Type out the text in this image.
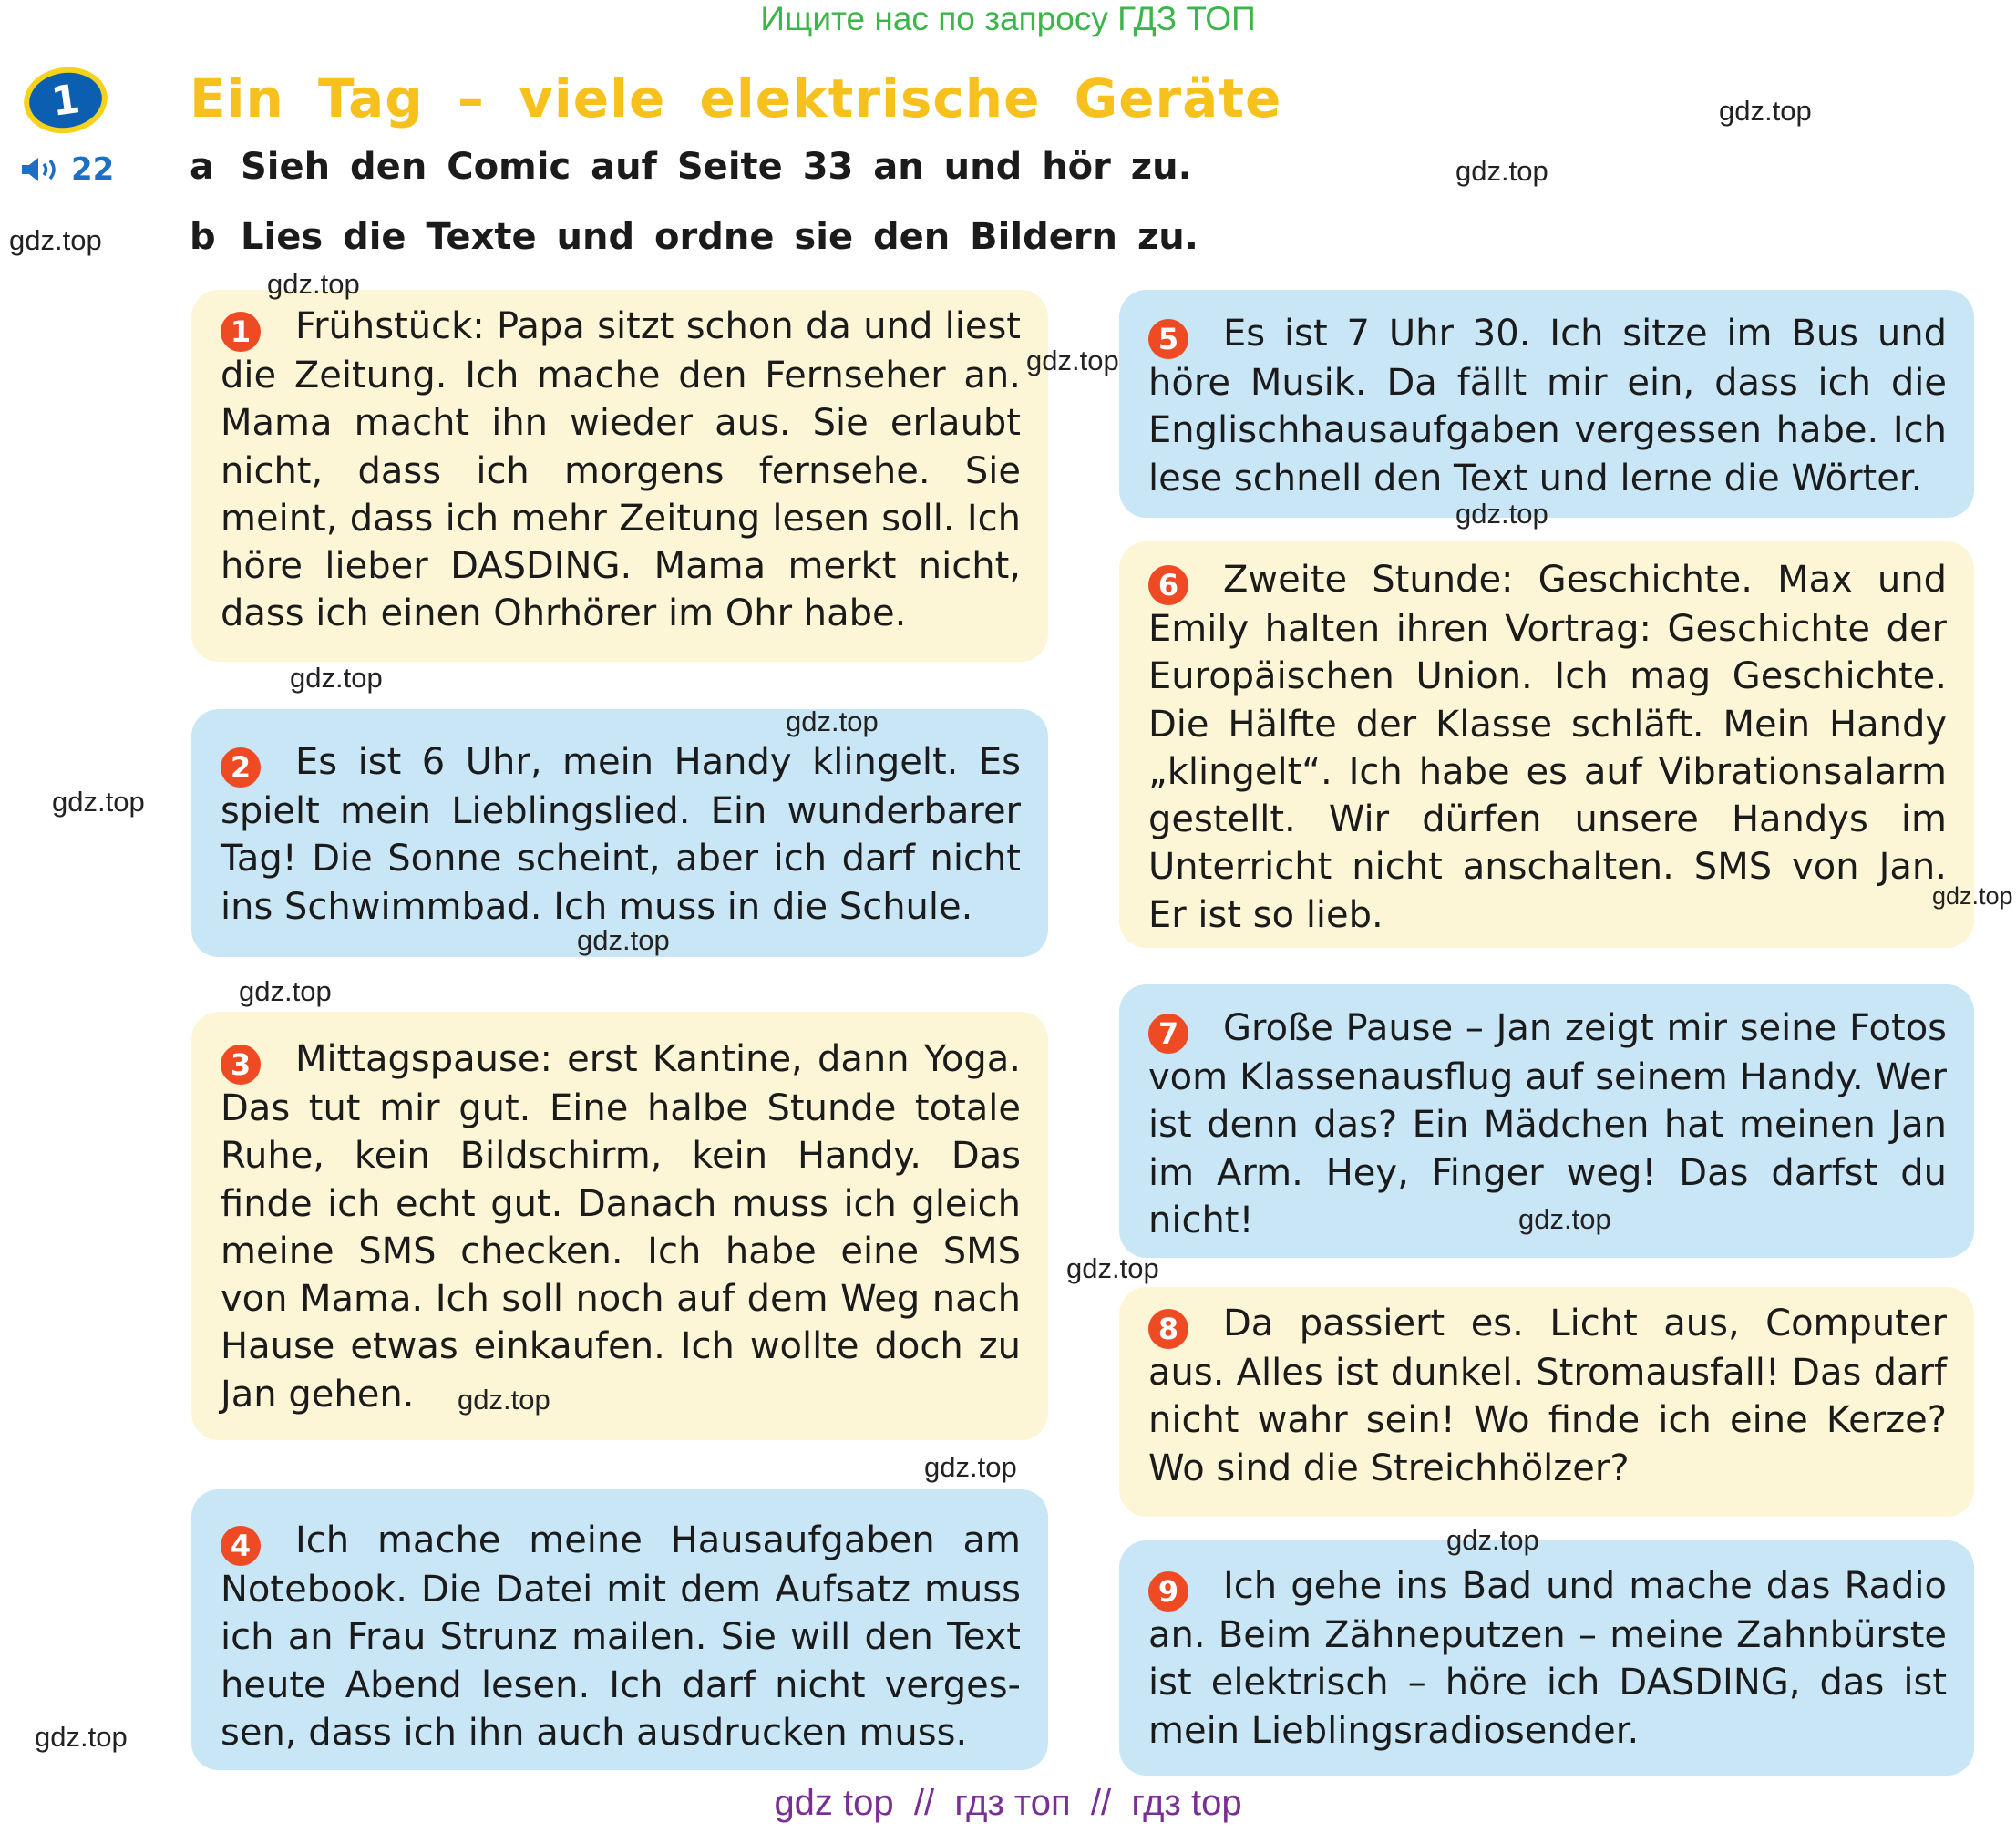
Ищите нас по запросу ГДЗ ТОП
1
22
Ein Tag – viele elektrische Geräte
a Sieh den Comic auf Seite 33 an und hör zu.
b Lies die Texte und ordne sie den Bildern zu.
1 Frühstück: Papa sitzt schon da und liest die Zeitung. Ich mache den Fernseher an. Mama macht ihn wieder aus. Sie erlaubt nicht, dass ich morgens fernsehe. Sie meint, dass ich mehr Zeitung lesen soll. Ich höre lieber DASDING. Mama merkt nicht, dass ich einen Ohrhörer im Ohr habe.
2 Es ist 6 Uhr, mein Handy klingelt. Es spielt mein Lieblingslied. Ein wunderbarer Tag! Die Sonne scheint, aber ich darf nicht ins Schwimmbad. Ich muss in die Schule.
3 Mittagspause: erst Kantine, dann Yoga. Das tut mir gut. Eine halbe Stunde totale Ruhe, kein Bildschirm, kein Handy. Das finde ich echt gut. Danach muss ich gleich meine SMS checken. Ich habe eine SMS von Mama. Ich soll noch auf dem Weg nach Hause etwas einkaufen. Ich wollte doch zu Jan gehen.
4 Ich mache meine Hausaufgaben am Notebook. Die Datei mit dem Aufsatz muss ich an Frau Strunz mailen. Sie will den Text heute Abend lesen. Ich darf nicht verges-sen, dass ich ihn auch ausdrucken muss.
5 Es ist 7 Uhr 30. Ich sitze im Bus und höre Musik. Da fällt mir ein, dass ich die Englischhausaufgaben vergessen habe. Ich lese schnell den Text und lerne die Wörter.
6 Zweite Stunde: Geschichte. Max und Emily halten ihren Vortrag: Geschichte der Europäischen Union. Ich mag Geschichte. Die Hälfte der Klasse schläft. Mein Handy „klingelt“. Ich habe es auf Vibrationsalarm gestellt. Wir dürfen unsere Handys im Unterricht nicht anschalten. SMS von Jan. Er ist so lieb.
7 Große Pause – Jan zeigt mir seine Fotos vom Klassenausflug auf seinem Handy. Wer ist denn das? Ein Mädchen hat meinen Jan im Arm. Hey, Finger weg! Das darfst du nicht!
8 Da passiert es. Licht aus, Computer aus. Alles ist dunkel. Stromausfall! Das darf nicht wahr sein! Wo finde ich eine Kerze? Wo sind die Streichhölzer?
9 Ich gehe ins Bad und mache das Radio an. Beim Zähneputzen – meine Zahnbürste ist elektrisch – höre ich DASDING, das ist mein Lieblingsradiosender.
gdz.top
gdz.top
gdz.top
gdz.top
gdz.top
gdz.top
gdz.top
gdz.top
gdz.top
gdz.top
gdz.top
gdz.top
gdz.top
gdz.top
gdz.top
gdz.top
gdz.top
gdz.top
gdz top  //  гдз топ  //  гдз top
